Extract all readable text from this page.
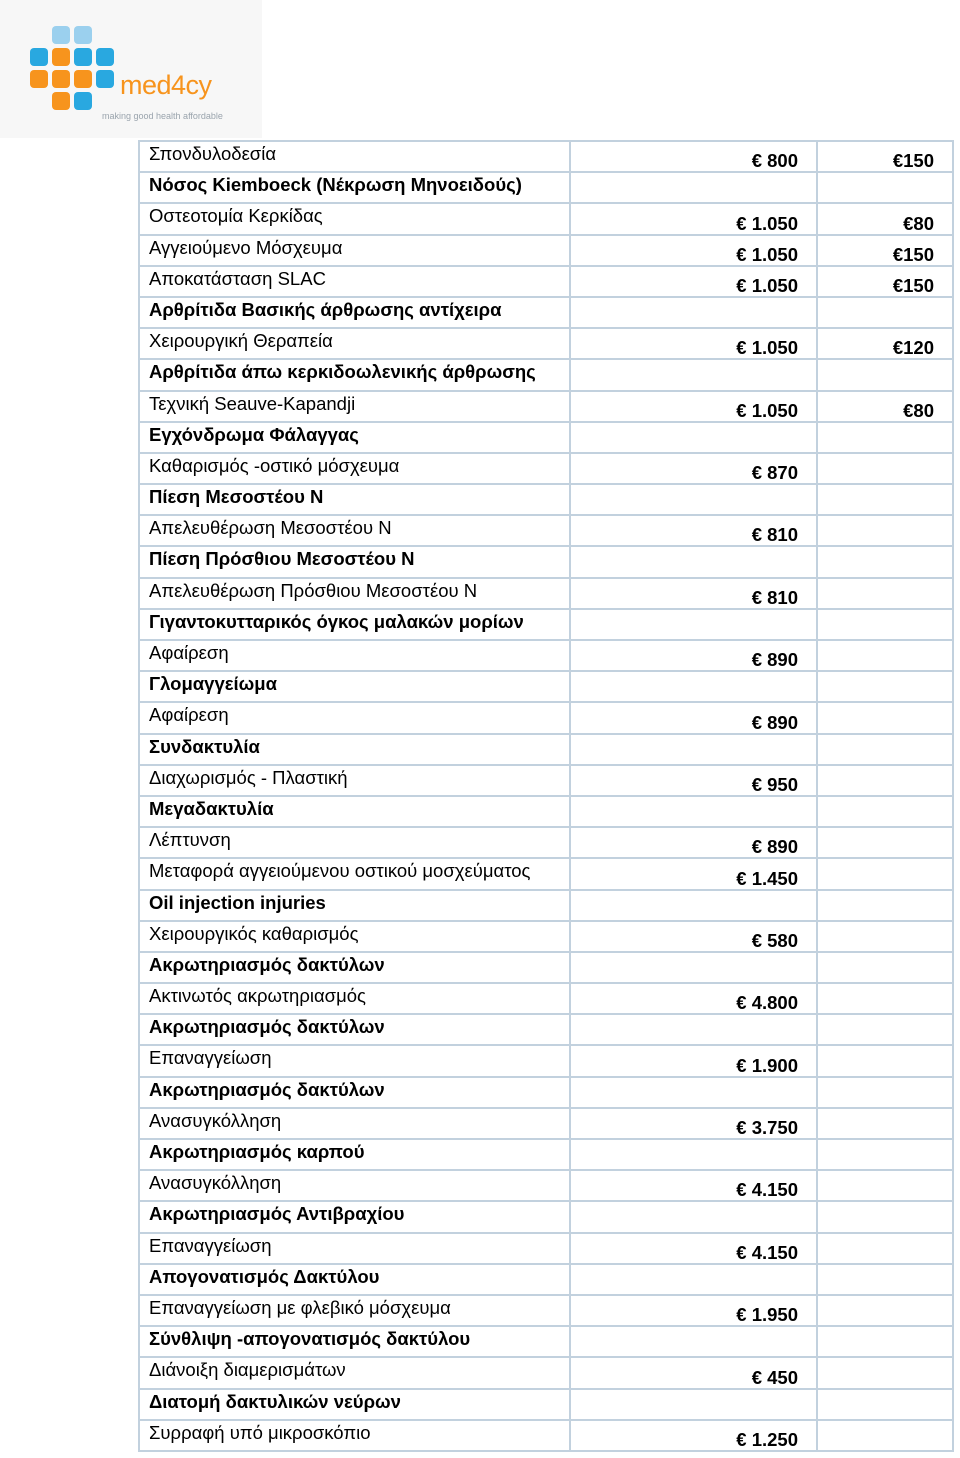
med4cy
making good health affordable
Σπονδυλοδεσία	€ 800	€150
Νόσος Kiemboeck (Νέκρωση Μηνοειδούς)		
Οστεοτομία Κερκίδας	€ 1.050	€80
Αγγειούμενο Μόσχευμα	€ 1.050	€150
Αποκατάσταση SLAC	€ 1.050	€150
Αρθρίτιδα Βασικής άρθρωσης αντίχειρα		
Χειρουργική Θεραπεία	€ 1.050	€120
Αρθρίτιδα άπω κερκιδοωλενικής άρθρωσης		
Τεχνική Seauve-Kapandji	€ 1.050	€80
Εγχόνδρωμα Φάλαγγας		
Καθαρισμός -οστικό μόσχευμα	€ 870	
Πίεση Μεσοστέου Ν		
Απελευθέρωση Μεσοστέου Ν	€ 810	
Πίεση Πρόσθιου Μεσοστέου Ν		
Απελευθέρωση Πρόσθιου Μεσοστέου Ν	€ 810	
Γιγαντοκυτταρικός όγκος μαλακών μορίων		
Αφαίρεση	€ 890	
Γλομαγγείωμα		
Αφαίρεση	€ 890	
Συνδακτυλία		
Διαχωρισμός - Πλαστική	€ 950	
Μεγαδακτυλία		
Λέπτυνση	€ 890	
Μεταφορά αγγειούμενου οστικού μοσχεύματος	€ 1.450	
Oil injection injuries		
Χειρουργικός καθαρισμός	€ 580	
Ακρωτηριασμός δακτύλων		
Ακτινωτός ακρωτηριασμός	€ 4.800	
Ακρωτηριασμός δακτύλων		
Επαναγγείωση	€ 1.900	
Ακρωτηριασμός δακτύλων		
Ανασυγκόλληση	€ 3.750	
Ακρωτηριασμός καρπού		
Ανασυγκόλληση	€ 4.150	
Ακρωτηριασμός Αντιβραχίου		
Επαναγγείωση	€ 4.150	
Απογονατισμός Δακτύλου		
Επαναγγείωση με φλεβικό μόσχευμα	€ 1.950	
Σύνθλιψη -απογονατισμός δακτύλου		
Διάνοιξη διαμερισμάτων	€ 450	
Διατομή δακτυλικών νεύρων		
Συρραφή υπό μικροσκόπιο	€ 1.250	
